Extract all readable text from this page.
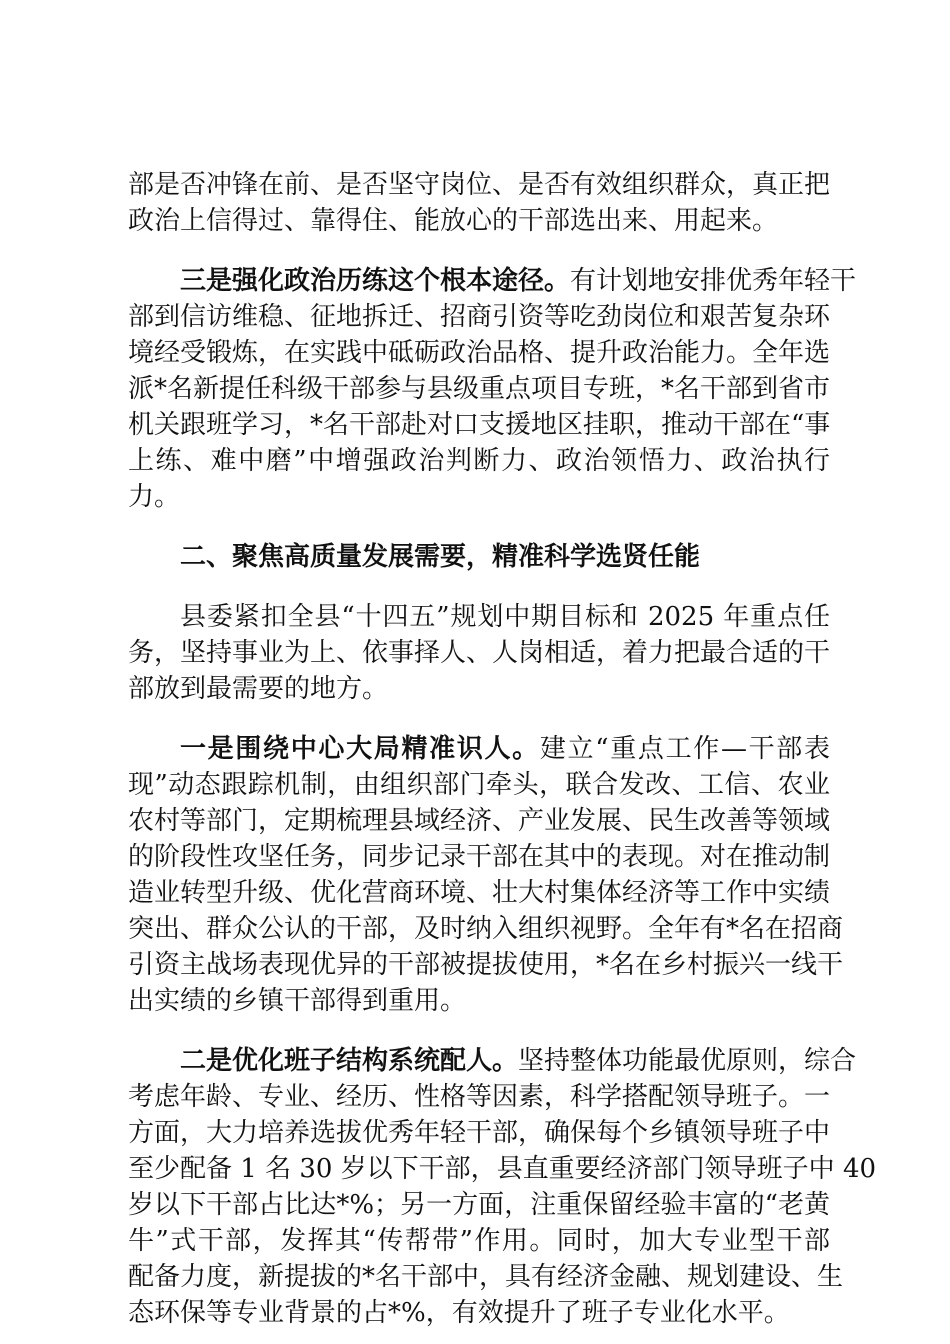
部是否冲锋在前、是否坚守岗位、是否有效组织群众，真正把
政治上信得过、靠得住、能放心的干部选出来、用起来。
三是强化政治历练这个根本途径。有计划地安排优秀年轻干
部到信访维稳、征地拆迁、招商引资等吃劲岗位和艰苦复杂环
境经受锻炼，在实践中砥砺政治品格、提升政治能力。全年选
派*名新提任科级干部参与县级重点项目专班，*名干部到省市
机关跟班学习，*名干部赴对口支援地区挂职，推动干部在“事
上练、难中磨”中增强政治判断力、政治领悟力、政治执行
力。
二、聚焦高质量发展需要，精准科学选贤任能
县委紧扣全县“十四五”规划中期目标和 2025 年重点任
务，坚持事业为上、依事择人、人岗相适，着力把最合适的干
部放到最需要的地方。
一是围绕中心大局精准识人。建立“重点工作—干部表
现”动态跟踪机制，由组织部门牵头，联合发改、工信、农业
农村等部门，定期梳理县域经济、产业发展、民生改善等领域
的阶段性攻坚任务，同步记录干部在其中的表现。对在推动制
造业转型升级、优化营商环境、壮大村集体经济等工作中实绩
突出、群众公认的干部，及时纳入组织视野。全年有*名在招商
引资主战场表现优异的干部被提拔使用，*名在乡村振兴一线干
出实绩的乡镇干部得到重用。
二是优化班子结构系统配人。坚持整体功能最优原则，综合
考虑年龄、专业、经历、性格等因素，科学搭配领导班子。一
方面，大力培养选拔优秀年轻干部，确保每个乡镇领导班子中
至少配备 1 名 30 岁以下干部，县直重要经济部门领导班子中 40
岁以下干部占比达*%；另一方面，注重保留经验丰富的“老黄
牛”式干部，发挥其“传帮带”作用。同时，加大专业型干部
配备力度，新提拔的*名干部中，具有经济金融、规划建设、生
态环保等专业背景的占*%，有效提升了班子专业化水平。
